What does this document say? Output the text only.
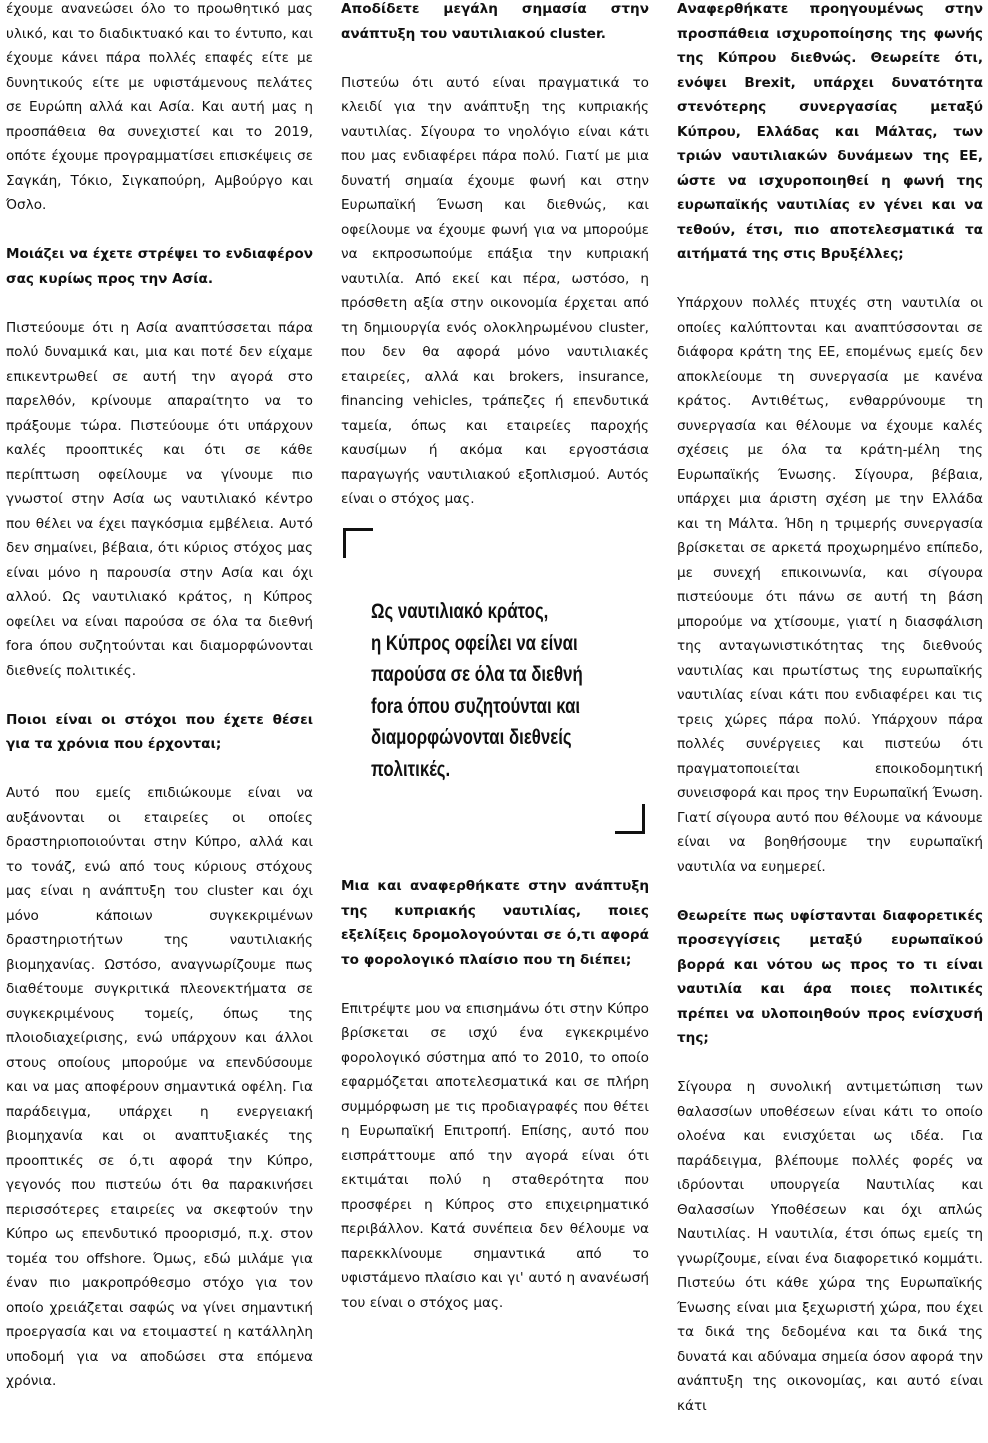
έχουμε ανανεώσει όλο το προωθητικό μας υλικό, και το διαδικτυακό και το έντυπο, και έχουμε κάνει πάρα πολλές επαφές είτε με δυνητικούς είτε με υφιστάμενους πελάτες σε Ευρώπη αλλά και Ασία. Και αυτή μας η προσπάθεια θα συνεχιστεί και το 2019, οπότε έχουμε προγραμματίσει επισκέψεις σε Σαγκάη, Τόκιο, Σιγκαπούρη, Αμβούργο και Όσλο.

Μοιάζει να έχετε στρέψει το ενδιαφέρον σας κυρίως προς την Ασία.

Πιστεύουμε ότι η Ασία αναπτύσσεται πάρα πολύ δυναμικά και, μια και ποτέ δεν είχαμε επικεντρωθεί σε αυτή την αγορά στο παρελθόν, κρίνουμε απαραίτητο να το πράξουμε τώρα. Πιστεύουμε ότι υπάρχουν καλές προοπτικές και ότι σε κάθε περίπτωση οφείλουμε να γίνουμε πιο γνωστοί στην Ασία ως ναυτιλιακό κέντρο που θέλει να έχει παγκόσμια εμβέλεια. Αυτό δεν σημαίνει, βέβαια, ότι κύριος στόχος μας είναι μόνο η παρουσία στην Ασία και όχι αλλού. Ως ναυτιλιακό κράτος, η Κύπρος οφείλει να είναι παρούσα σε όλα τα διεθνή fora όπου συζητούνται και διαμορφώνονται διεθνείς πολιτικές.

Ποιοι είναι οι στόχοι που έχετε θέσει για τα χρόνια που έρχονται;

Αυτό που εμείς επιδιώκουμε είναι να αυξάνονται οι εταιρείες οι οποίες δραστηριοποιούνται στην Κύπρο, αλλά και το τονάζ, ενώ από τους κύριους στόχους μας είναι η ανάπτυξη του cluster και όχι μόνο κάποιων συγκεκριμένων δραστηριοτήτων της ναυτιλιακής βιομηχανίας. Ωστόσο, αναγνωρίζουμε πως διαθέτουμε συγκριτικά πλεονεκτήματα σε συγκεκριμένους τομείς, όπως της πλοιοδιαχείρισης, ενώ υπάρχουν και άλλοι στους οποίους μπορούμε να επενδύσουμε και να μας αποφέρουν σημαντικά οφέλη. Για παράδειγμα, υπάρχει η ενεργειακή βιομηχανία και οι αναπτυξιακές της προοπτικές σε ό,τι αφορά την Κύπρο, γεγονός που πιστεύω ότι θα παρακινήσει περισσότερες εταιρείες να σκεφτούν την Κύπρο ως επενδυτικό προορισμό, π.χ. στον τομέα του offshore. Όμως, εδώ μιλάμε για έναν πιο μακροπρόθεσμο στόχο για τον οποίο χρειάζεται σαφώς να γίνει σημαντική προεργασία και να ετοιμαστεί η κατάλληλη υποδομή για να αποδώσει στα επόμενα χρόνια.

Αποδίδετε μεγάλη σημασία στην ανάπτυξη του ναυτιλιακού cluster.

Πιστεύω ότι αυτό είναι πραγματικά το κλειδί για την ανάπτυξη της κυπριακής ναυτιλίας. Σίγουρα το νηολόγιο είναι κάτι που μας ενδιαφέρει πάρα πολύ. Γιατί με μια δυνατή σημαία έχουμε φωνή και στην Ευρωπαϊκή Ένωση και διεθνώς, και οφείλουμε να έχουμε φωνή για να μπορούμε να εκπροσωπούμε επάξια την κυπριακή ναυτιλία. Από εκεί και πέρα, ωστόσο, η πρόσθετη αξία στην οικονομία έρχεται από τη δημιουργία ενός ολοκληρωμένου cluster, που δεν θα αφορά μόνο ναυτιλιακές εταιρείες, αλλά και brokers, insurance, financing vehicles, τράπεζες ή επενδυτικά ταμεία, όπως και εταιρείες παροχής καυσίμων ή ακόμα και εργοστάσια παραγωγής ναυτιλιακού εξοπλισμού. Αυτός είναι ο στόχος μας.

Ως ναυτιλιακό κράτος,
η Κύπρος οφείλει να είναι
παρούσα σε όλα τα διεθνή
fora όπου συζητούνται και
διαμορφώνονται διεθνείς
πολιτικές.

Μια και αναφερθήκατε στην ανάπτυξη της κυπριακής ναυτιλίας, ποιες εξελίξεις δρομολογούνται σε ό,τι αφορά το φορολογικό πλαίσιο που τη διέπει;

Επιτρέψτε μου να επισημάνω ότι στην Κύπρο βρίσκεται σε ισχύ ένα εγκεκριμένο φορολογικό σύστημα από το 2010, το οποίο εφαρμόζεται αποτελεσματικά και σε πλήρη συμμόρφωση με τις προδιαγραφές που θέτει η Ευρωπαϊκή Επιτροπή. Επίσης, αυτό που εισπράττουμε από την αγορά είναι ότι εκτιμάται πολύ η σταθερότητα που προσφέρει η Κύπρος στο επιχειρηματικό περιβάλλον. Κατά συνέπεια δεν θέλουμε να παρεκκλίνουμε σημαντικά από το υφιστάμενο πλαίσιο και γι' αυτό η ανανέωσή του είναι ο στόχος μας.

Αναφερθήκατε προηγουμένως στην προσπάθεια ισχυροποίησης της φωνής της Κύπρου διεθνώς. Θεωρείτε ότι, ενόψει Brexit, υπάρχει δυνατότητα στενότερης συνεργασίας μεταξύ Κύπρου, Ελλάδας και Μάλτας, των τριών ναυτιλιακών δυνάμεων της ΕΕ, ώστε να ισχυροποιηθεί η φωνή της ευρωπαϊκής ναυτιλίας εν γένει και να τεθούν, έτσι, πιο αποτελεσματικά τα αιτήματά της στις Βρυξέλλες;

Υπάρχουν πολλές πτυχές στη ναυτιλία οι οποίες καλύπτονται και αναπτύσσονται σε διάφορα κράτη της ΕΕ, επομένως εμείς δεν αποκλείουμε τη συνεργασία με κανένα κράτος. Αντιθέτως, ενθαρρύνουμε τη συνεργασία και θέλουμε να έχουμε καλές σχέσεις με όλα τα κράτη-μέλη της Ευρωπαϊκής Ένωσης. Σίγουρα, βέβαια, υπάρχει μια άριστη σχέση με την Ελλάδα και τη Μάλτα. Ήδη η τριμερής συνεργασία βρίσκεται σε αρκετά προχωρημένο επίπεδο, με συνεχή επικοινωνία, και σίγουρα πιστεύουμε ότι πάνω σε αυτή τη βάση μπορούμε να χτίσουμε, γιατί η διασφάλιση της ανταγωνιστικότητας της διεθνούς ναυτιλίας και πρωτίστως της ευρωπαϊκής ναυτιλίας είναι κάτι που ενδιαφέρει και τις τρεις χώρες πάρα πολύ. Υπάρχουν πάρα πολλές συνέργειες και πιστεύω ότι πραγματοποιείται εποικοδομητική συνεισφορά και προς την Ευρωπαϊκή Ένωση. Γιατί σίγουρα αυτό που θέλουμε να κάνουμε είναι να βοηθήσουμε την ευρωπαϊκή ναυτιλία να ευημερεί.

Θεωρείτε πως υφίστανται διαφορετικές προσεγγίσεις μεταξύ ευρωπαϊκού βορρά και νότου ως προς το τι είναι ναυτιλία και άρα ποιες πολιτικές πρέπει να υλοποιηθούν προς ενίσχυσή της;

Σίγουρα η συνολική αντιμετώπιση των θαλασσίων υποθέσεων είναι κάτι το οποίο ολοένα και ενισχύεται ως ιδέα. Για παράδειγμα, βλέπουμε πολλές φορές να ιδρύονται υπουργεία Ναυτιλίας και Θαλασσίων Υποθέσεων και όχι απλώς Ναυτιλίας. Η ναυτιλία, έτσι όπως εμείς τη γνωρίζουμε, είναι ένα διαφορετικό κομμάτι. Πιστεύω ότι κάθε χώρα της Ευρωπαϊκής Ένωσης είναι μια ξεχωριστή χώρα, που έχει τα δικά της δεδομένα και τα δικά της δυνατά και αδύναμα σημεία όσον αφορά την ανάπτυξη της οικονομίας, και αυτό είναι κάτι
